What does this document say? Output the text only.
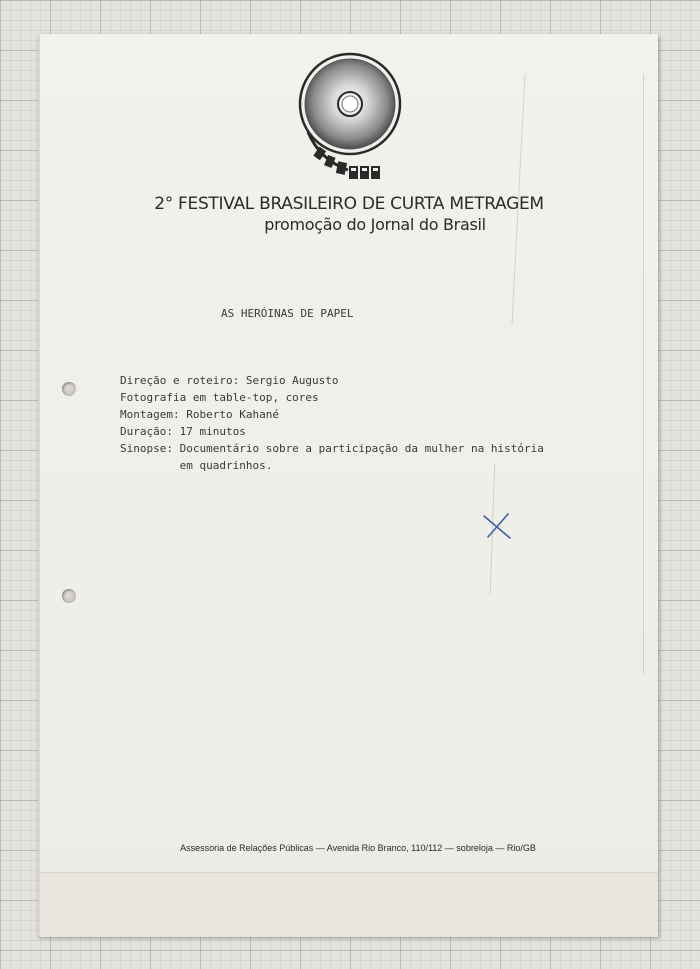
2° FESTIVAL BRASILEIRO DE CURTA METRAGEM
promoção do Jornal do Brasil
AS HERÓINAS DE PAPEL
Direção e roteiro: Sergio Augusto
Fotografia em table-top, cores
Montagem: Roberto Kahané
Duração: 17 minutos
Sinopse: Documentário sobre a participação da mulher na história
em quadrinhos.
Assessoria de Relações Públicas — Avenida Rio Branco, 110/112 — sobreloja — Rio/GB
